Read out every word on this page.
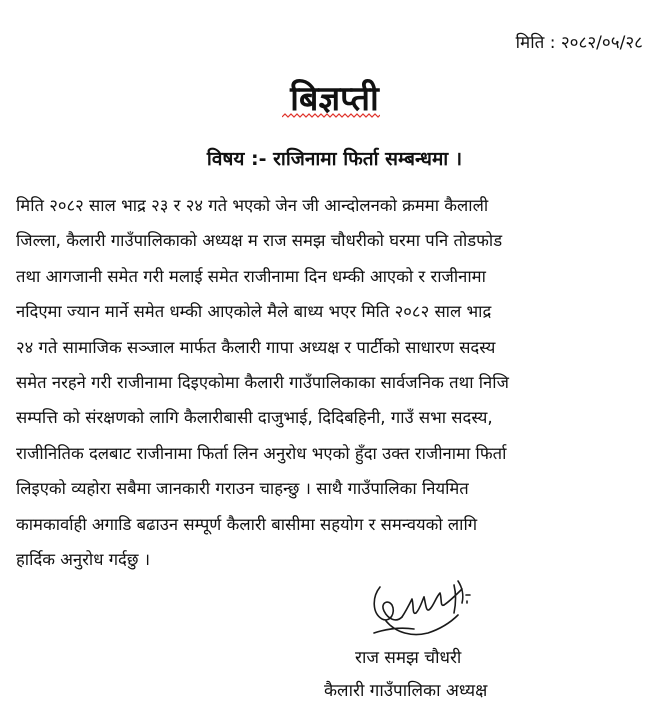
मिति : २०८२/०५/२८
बिज्ञप्ती
विषय :- राजिनामा फिर्ता सम्बन्धमा ।
मिति २०८२ साल भाद्र २३ र २४ गते भएको जेन जी आन्दोलनको क्रममा कैलाली
जिल्ला, कैलारी गाउँपालिकाको अध्यक्ष म राज समझ चौधरीको घरमा पनि तोडफोड
तथा आगजानी समेत गरी मलाई समेत राजीनामा दिन धम्की आएको र राजीनामा
नदिएमा ज्यान मार्ने समेत धम्की आएकोले मैले बाध्य भएर मिति २०८२ साल भाद्र
२४ गते सामाजिक सञ्जाल मार्फत कैलारी गापा अध्यक्ष र पार्टीको साधारण सदस्य
समेत नरहने गरी राजीनामा दिइएकोमा कैलारी गाउँपालिकाका सार्वजनिक तथा निजि
सम्पत्ति को संरक्षणको लागि कैलारीबासी दाजुभाई, दिदिबहिनी, गाउँ सभा सदस्य,
राजीनितिक दलबाट राजीनामा फिर्ता लिन अनुरोध भएको हुँदा उक्त राजीनामा फिर्ता
लिइएको व्यहोरा सबैमा जानकारी गराउन चाहन्छु । साथै गाउँपालिका नियमित
कामकार्वाही अगाडि बढाउन सम्पूर्ण कैलारी बासीमा सहयोग र समन्वयको लागि
हार्दिक अनुरोध गर्दछु ।
राज समझ चौधरी
कैलारी गाउँपालिका अध्यक्ष
